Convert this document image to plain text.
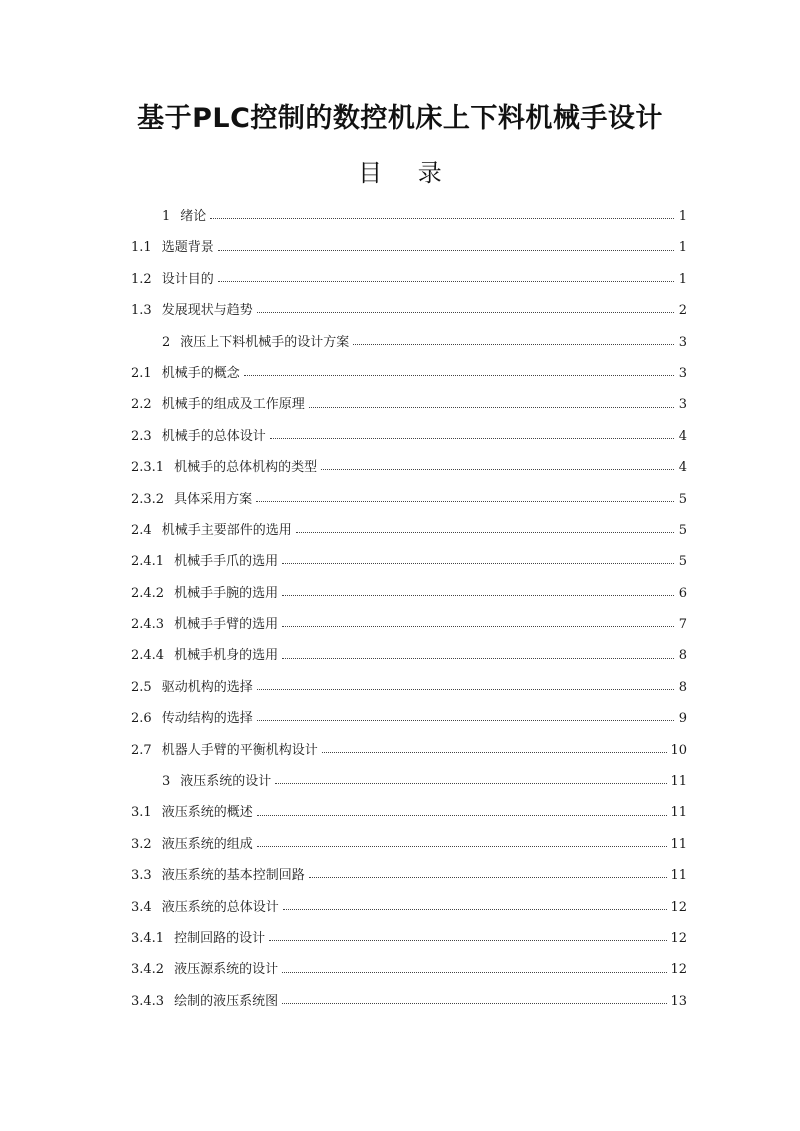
基于PLC控制的数控机床上下料机械手设计
目 录
1 绪论	1
1.1 选题背景	1
1.2 设计目的	1
1.3 发展现状与趋势	2
2 液压上下料机械手的设计方案	3
2.1 机械手的概念	3
2.2 机械手的组成及工作原理	3
2.3 机械手的总体设计	4
2.3.1 机械手的总体机构的类型	4
2.3.2 具体采用方案	5
2.4 机械手主要部件的选用	5
2.4.1 机械手手爪的选用	5
2.4.2 机械手手腕的选用	6
2.4.3 机械手手臂的选用	7
2.4.4 机械手机身的选用	8
2.5 驱动机构的选择	8
2.6 传动结构的选择	9
2.7 机器人手臂的平衡机构设计	10
3 液压系统的设计	11
3.1 液压系统的概述	11
3.2 液压系统的组成	11
3.3 液压系统的基本控制回路	11
3.4 液压系统的总体设计	12
3.4.1 控制回路的设计	12
3.4.2 液压源系统的设计	12
3.4.3 绘制的液压系统图	13
